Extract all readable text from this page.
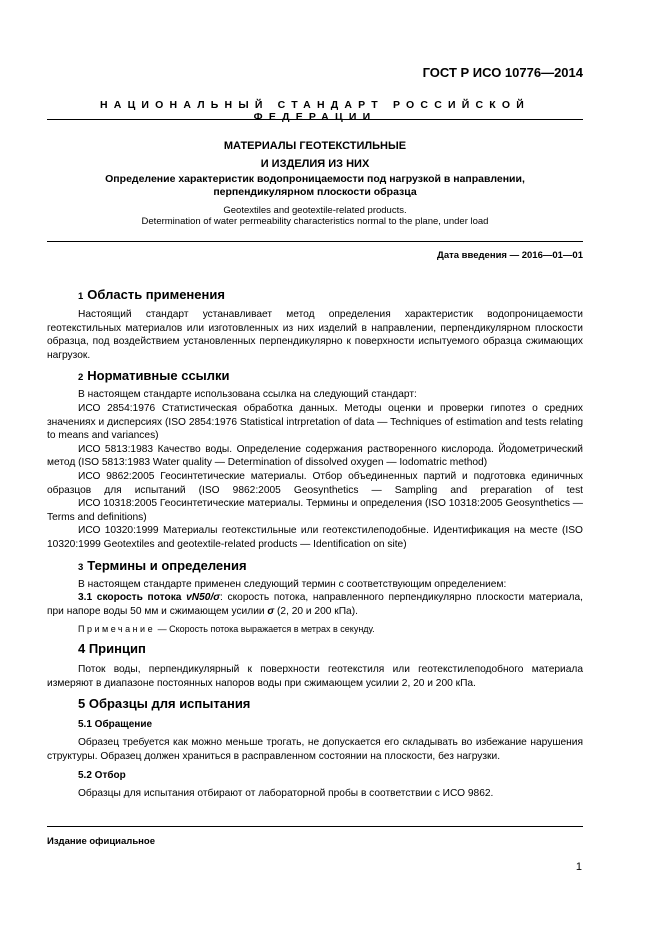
ГОСТ Р ИСО 10776—2014
НАЦИОНАЛЬНЫЙ СТАНДАРТ РОССИЙСКОЙ ФЕДЕРАЦИИ
МАТЕРИАЛЫ ГЕОТЕКСТИЛЬНЫЕ
И ИЗДЕЛИЯ ИЗ НИХ
Определение характеристик водопроницаемости под нагрузкой в направлении,
перпендикулярном плоскости образца
Geotextiles and geotextile-related products.
Determination of water permeability characteristics normal to the plane, under load
Дата введения — 2016—01—01
1 Область применения

Настоящий стандарт устанавливает метод определения характеристик водопроницаемости геотекстильных материалов или изготовленных из них изделий в направлении, перпендикулярном плоскости образца, под воздействием установленных перпендикулярно к поверхности испытуемого образца сжимающих нагрузок.

2 Нормативные ссылки

В настоящем стандарте использована ссылка на следующий стандарт:

ИСО 2854:1976 Статистическая обработка данных. Методы оценки и проверки гипотез о средних значениях и дисперсиях (ISO 2854:1976 Statistical intrpretation of data — Techniques of estimation and tests relating to means and variances)

ИСО 5813:1983 Качество воды. Определение содержания растворенного кислорода. Йодометрический метод (ISO 5813:1983 Water quality — Determination of dissolved oxygen — Iodomatric method)

ИСО 9862:2005 Геосинтетические материалы. Отбор объединенных партий и подготовка единичных образцов для испытаний (ISO 9862:2005 Geosynthetics — Sampling and preparation of test

ИСО 10318:2005 Геосинтетические материалы. Термины и определения (ISO 10318:2005 Geosynthetics — Terms and definitions)

ИСО 10320:1999 Материалы геотекстильные или геотекстилеподобные. Идентификация на месте (ISO 10320:1999 Geotextiles and geotextile-related products — Identification on site)

3 Термины и определения

В настоящем стандарте применен следующий термин с соответствующим определением:

3.1 скорость потока vN50/σ: скорость потока, направленного перпендикулярно плоскости материала, при напоре воды 50 мм и сжимающем усилии σ (2, 20 и 200 кПа).

Примечание — Скорость потока выражается в метрах в секунду.

4 Принцип

Поток воды, перпендикулярный к поверхности геотекстиля или геотекстилеподобного материала измеряют в диапазоне постоянных напоров воды при сжимающем усилии 2, 20 и 200 кПа.

5 Образцы для испытания
5.1 Обращение

Образец требуется как можно меньше трогать, не допускается его складывать во избежание нарушения структуры. Образец должен храниться в расправленном состоянии на плоскости, без нагрузки.

5.2 Отбор

Образцы для испытания отбирают от лабораторной пробы в соответствии с ИСО 9862.

Издание официальное
1
